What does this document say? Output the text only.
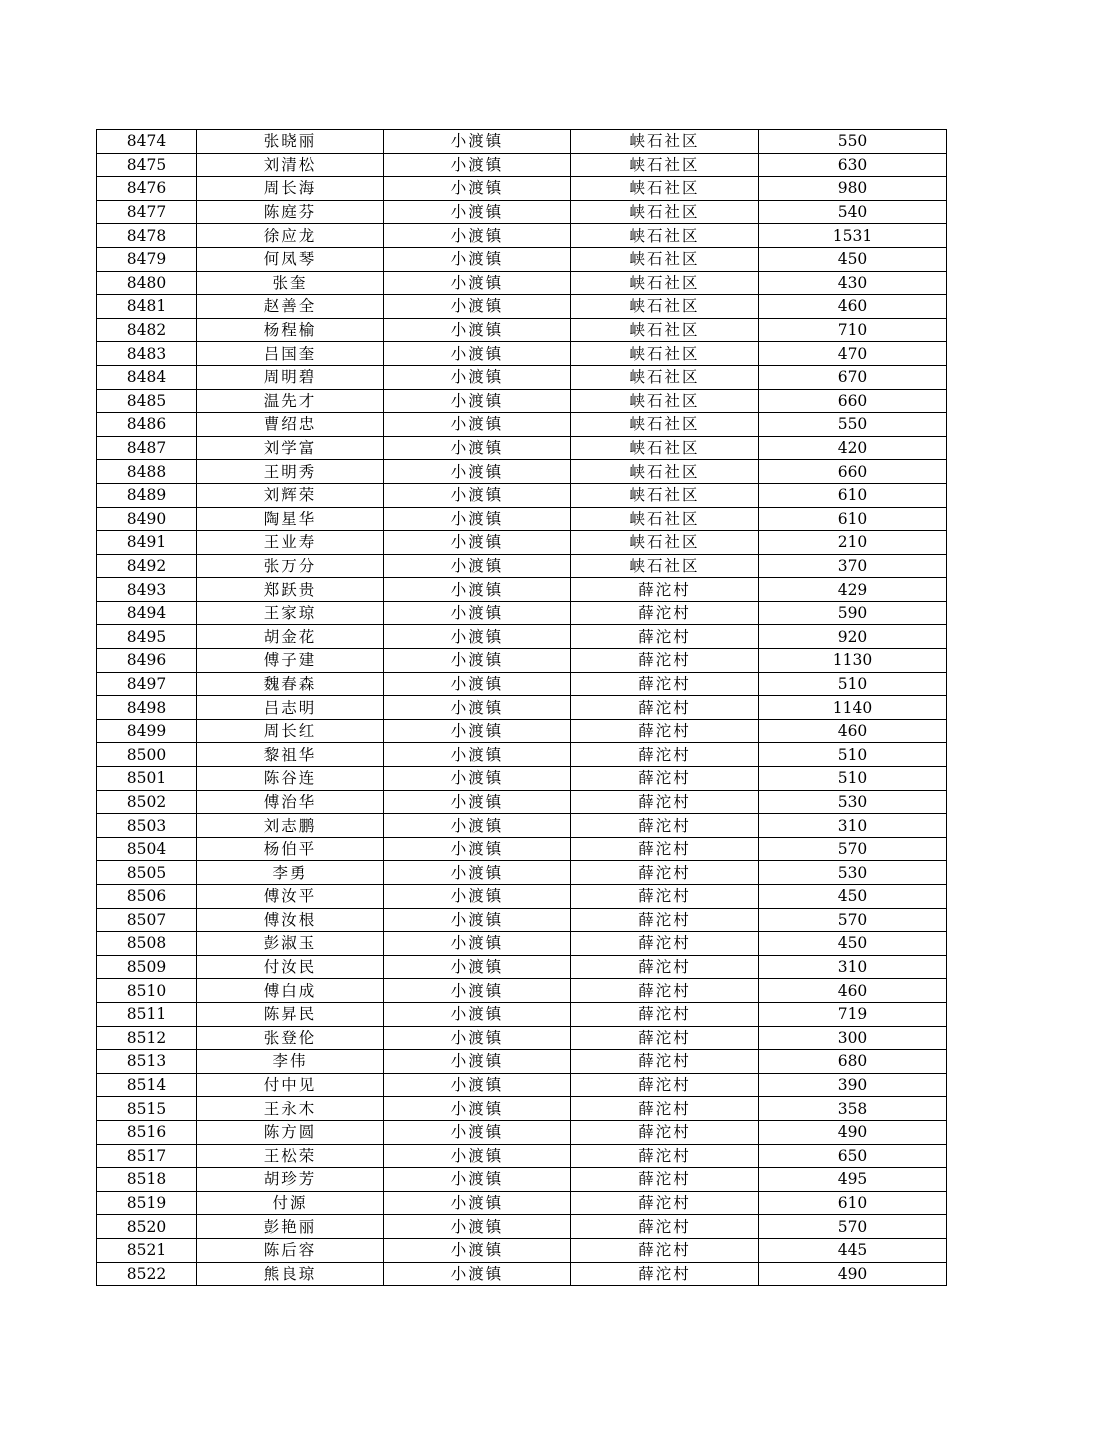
8474	张晓丽	小渡镇	峡石社区	550
8475	刘清松	小渡镇	峡石社区	630
8476	周长海	小渡镇	峡石社区	980
8477	陈庭芬	小渡镇	峡石社区	540
8478	徐应龙	小渡镇	峡石社区	1531
8479	何凤琴	小渡镇	峡石社区	450
8480	张奎	小渡镇	峡石社区	430
8481	赵善全	小渡镇	峡石社区	460
8482	杨程榆	小渡镇	峡石社区	710
8483	吕国奎	小渡镇	峡石社区	470
8484	周明碧	小渡镇	峡石社区	670
8485	温先才	小渡镇	峡石社区	660
8486	曹绍忠	小渡镇	峡石社区	550
8487	刘学富	小渡镇	峡石社区	420
8488	王明秀	小渡镇	峡石社区	660
8489	刘辉荣	小渡镇	峡石社区	610
8490	陶星华	小渡镇	峡石社区	610
8491	王业寿	小渡镇	峡石社区	210
8492	张万分	小渡镇	峡石社区	370
8493	郑跃贵	小渡镇	薛沱村	429
8494	王家琼	小渡镇	薛沱村	590
8495	胡金花	小渡镇	薛沱村	920
8496	傅子建	小渡镇	薛沱村	1130
8497	魏春森	小渡镇	薛沱村	510
8498	吕志明	小渡镇	薛沱村	1140
8499	周长红	小渡镇	薛沱村	460
8500	黎祖华	小渡镇	薛沱村	510
8501	陈谷连	小渡镇	薛沱村	510
8502	傅治华	小渡镇	薛沱村	530
8503	刘志鹏	小渡镇	薛沱村	310
8504	杨伯平	小渡镇	薛沱村	570
8505	李勇	小渡镇	薛沱村	530
8506	傅汝平	小渡镇	薛沱村	450
8507	傅汝根	小渡镇	薛沱村	570
8508	彭淑玉	小渡镇	薛沱村	450
8509	付汝民	小渡镇	薛沱村	310
8510	傅白成	小渡镇	薛沱村	460
8511	陈昇民	小渡镇	薛沱村	719
8512	张登伦	小渡镇	薛沱村	300
8513	李伟	小渡镇	薛沱村	680
8514	付中见	小渡镇	薛沱村	390
8515	王永木	小渡镇	薛沱村	358
8516	陈方圆	小渡镇	薛沱村	490
8517	王松荣	小渡镇	薛沱村	650
8518	胡珍芳	小渡镇	薛沱村	495
8519	付源	小渡镇	薛沱村	610
8520	彭艳丽	小渡镇	薛沱村	570
8521	陈后容	小渡镇	薛沱村	445
8522	熊良琼	小渡镇	薛沱村	490
